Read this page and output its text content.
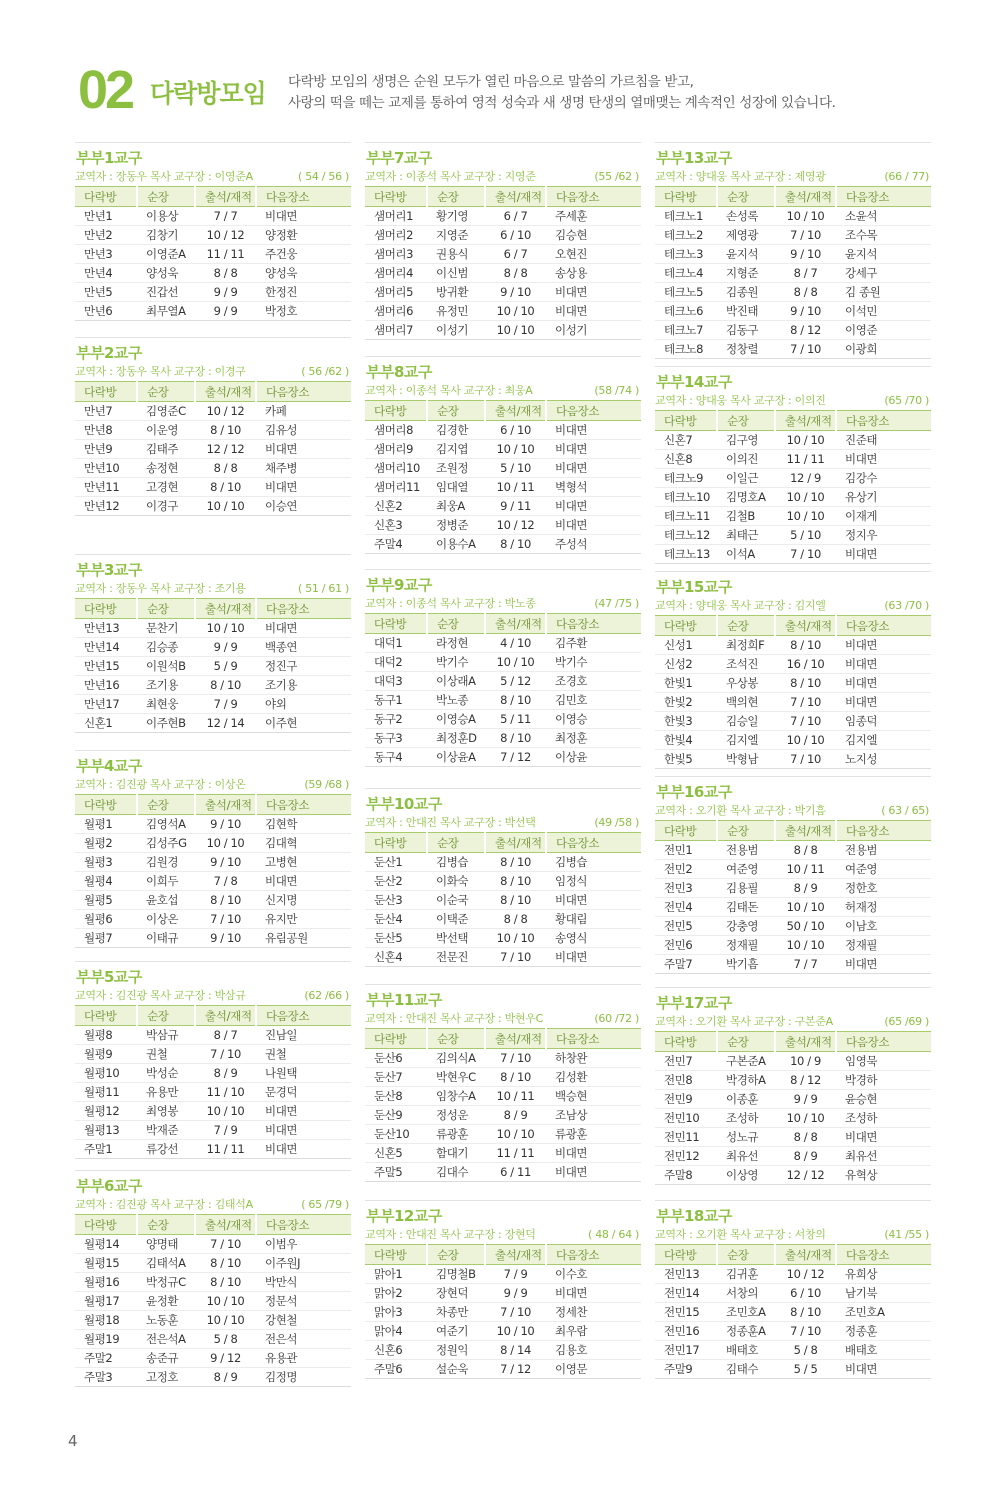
02 다락방모임 다락방 모임의 생명은 순원 모두가 열린 마음으로 말씀의 가르침을 받고,
사랑의 떡을 떼는 교제를 통하여 영적 성숙과 새 생명 탄생의 열매맺는 계속적인 성장에 있습니다.
부부1교구
교역자 : 장동우 목사 교구장 : 이영준A	( 54 / 56 )
다락방	순장	출석/재적	다음장소
만년1	이용상	7 / 7	비대면
만년2	김창기	10 / 12	양정환
만년3	이영준A	11 / 11	주건웅
만년4	양성욱	8 / 8	양성욱
만년5	진갑선	9 / 9	한정진
만년6	최무열A	9 / 9	박정호
부부2교구
교역자 : 장동우 목사 교구장 : 이경구	( 56 /62 )
다락방	순장	출석/재적	다음장소
만년7	김영준C	10 / 12	카페
만년8	이운영	8 / 10	김유성
만년9	김태주	12 / 12	비대면
만년10	송정현	8 / 8	채주병
만년11	고경현	8 / 10	비대면
만년12	이경구	10 / 10	이승연
부부3교구
교역자 : 장동우 목사 교구장 : 조기용	( 51 / 61 )
다락방	순장	출석/재적	다음장소
만년13	문찬기	10 / 10	비대면
만년14	김승종	9 / 9	백종연
만년15	이원석B	5 / 9	정진구
만년16	조기용	8 / 10	조기용
만년17	최현웅	7 / 9	야외
신혼1	이주현B	12 / 14	이주현
부부4교구
교역자 : 김진광 목사 교구장 : 이상온	(59 /68 )
다락방	순장	출석/재적	다음장소
월평1	김영석A	9 / 10	김현학
월평2	김성주G	10 / 10	김대혁
월평3	김원경	9 / 10	고병현
월평4	이희두	7 / 8	비대면
월평5	윤호섭	8 / 10	신지명
월평6	이상온	7 / 10	유지만
월평7	이태규	9 / 10	유림공원
부부5교구
교역자 : 김진광 목사 교구장 : 박삼규	(62 /66 )
다락방	순장	출석/재적	다음장소
월평8	박삼규	8 / 7	진남일
월평9	권철	7 / 10	권철
월평10	박성순	8 / 9	나원택
월평11	유용만	11 / 10	문경덕
월평12	최영봉	10 / 10	비대면
월평13	박재준	7 / 9	비대면
주말1	류강선	11 / 11	비대면
부부6교구
교역자 : 김진광 목사 교구장 : 김태석A	( 65 /79 )
다락방	순장	출석/재적	다음장소
월평14	양명태	7 / 10	이범우
월평15	김태석A	8 / 10	이주원J
월평16	박정규C	8 / 10	박만식
월평17	윤정환	10 / 10	정문석
월평18	노동훈	10 / 10	강현철
월평19	전은석A	5 / 8	전은석
주말2	송준규	9 / 12	유용관
주말3	고정호	8 / 9	김정명
부부7교구
교역자 : 이종석 목사 교구장 : 지영준	(55 /62 )
다락방	순장	출석/재적	다음장소
샘머리1	황기영	6 / 7	주세훈
샘머리2	지영준	6 / 10	김승현
샘머리3	권용식	6 / 7	오현진
샘머리4	이신범	8 / 8	송상용
샘머리5	방귀환	9 / 10	비대면
샘머리6	유정민	10 / 10	비대면
샘머리7	이성기	10 / 10	이성기
부부8교구
교역자 : 이종석 목사 교구장 : 최웅A	(58 /74 )
다락방	순장	출석/재적	다음장소
샘머리8	김경한	6 / 10	비대면
샘머리9	김지엽	10 / 10	비대면
샘머리10	조원정	5 / 10	비대면
샘머리11	임대열	10 / 11	벽형석
신혼2	최웅A	9 / 11	비대면
신혼3	정병준	10 / 12	비대면
주말4	이용수A	8 / 10	주성석
부부9교구
교역자 : 이종석 목사 교구장 : 박노종	(47 /75 )
다락방	순장	출석/재적	다음장소
대덕1	라정현	4 / 10	김주환
대덕2	박기수	10 / 10	박기수
대덕3	이상래A	5 / 12	조경호
동구1	박노종	8 / 10	김민호
동구2	이영승A	5 / 11	이영승
동구3	최정훈D	8 / 10	최정훈
동구4	이상윤A	7 / 12	이상윤
부부10교구
교역자 : 안대진 목사 교구장 : 박선택	(49 /58 )
다락방	순장	출석/재적	다음장소
둔산1	김병습	8 / 10	김병습
둔산2	이화숙	8 / 10	임정식
둔산3	이순국	8 / 10	비대면
둔산4	이택준	8 / 8	황대림
둔산5	박선택	10 / 10	송영식
신혼4	전문진	7 / 10	비대면
부부11교구
교역자 : 안대진 목사 교구장 : 박현우C	(60 /72 )
다락방	순장	출석/재적	다음장소
둔산6	김의식A	7 / 10	하창완
둔산7	박현우C	8 / 10	김성환
둔산8	임창수A	10 / 11	백승현
둔산9	정성운	8 / 9	조남상
둔산10	류광훈	10 / 10	류광훈
신혼5	함대기	11 / 11	비대면
주말5	김대수	6 / 11	비대면
부부12교구
교역자 : 안대진 목사 교구장 : 장현덕	( 48 / 64 )
다락방	순장	출석/재적	다음장소
맑아1	김명철B	7 / 9	이수호
맑아2	장현덕	9 / 9	비대면
맑아3	차종만	7 / 10	정세찬
맑아4	여준기	10 / 10	최우람
신혼6	정원익	8 / 14	김용호
주말6	설순욱	7 / 12	이영문
부부13교구
교역자 : 양대웅 목사 교구장 : 제영광	(66 / 77)
다락방	순장	출석/재적	다음장소
테크노1	손성록	10 / 10	소윤석
테크노2	제영광	7 / 10	조수목
테크노3	윤지석	9 / 10	윤지석
테크노4	지형준	8 / 7	강세구
테크노5	김종원	8 / 8	김 종원
테크노6	박진태	9 / 10	이석민
테크노7	김동구	8 / 12	이영준
테크노8	정창렬	7 / 10	이광희
부부14교구
교역자 : 양대웅 목사 교구장 : 이의진	(65 /70 )
다락방	순장	출석/재적	다음장소
신혼7	김구영	10 / 10	진준태
신혼8	이의진	11 / 11	비대면
테크노9	이일근	12 / 9	김강수
테크노10	김명호A	10 / 10	유상기
테크노11	김철B	10 / 10	이재게
테크노12	최태근	5 / 10	정지우
테크노13	이석A	7 / 10	비대면
부부15교구
교역자 : 양대웅 목사 교구장 : 김지엘	(63 /70 )
다락방	순장	출석/재적	다음장소
신성1	최정희F	8 / 10	비대면
신성2	조석진	16 / 10	비대면
한빛1	우상봉	8 / 10	비대면
한빛2	백의현	7 / 10	비대면
한빛3	김승일	7 / 10	임종덕
한빛4	김지엘	10 / 10	김지엘
한빛5	박형남	7 / 10	노지성
부부16교구
교역자 : 오기환 목사 교구장 : 박기흠	( 63 / 65)
다락방	순장	출석/재적	다음장소
전민1	전용범	8 / 8	전용범
전민2	여준영	10 / 11	여준영
전민3	김용필	8 / 9	정한호
전민4	김태돈	10 / 10	허재정
전민5	강충영	50 / 10	이남호
전민6	정재필	10 / 10	정재필
주말7	박기흠	7 / 7	비대면
부부17교구
교역자 : 오기환 목사 교구장 : 구본준A	(65 /69 )
다락방	순장	출석/재적	다음장소
전민7	구본준A	10 / 9	임영묵
전민8	박경하A	8 / 12	박경하
전민9	이종훈	9 / 9	윤승현
전민10	조성하	10 / 10	조성하
전민11	성노규	8 / 8	비대면
전민12	최유선	8 / 9	최유선
주말8	이상영	12 / 12	유혁상
부부18교구
교역자 : 오기환 목사 교구장 : 서창의	(41 /55 )
다락방	순장	출석/재적	다음장소
전민13	김귀훈	10 / 12	유희상
전민14	서창의	6 / 10	남기북
전민15	조민호A	8 / 10	조민호A
전민16	정종훈A	7 / 10	정종훈
전민17	배태호	5 / 8	배태호
주말9	김태수	5 / 5	비대면
4
